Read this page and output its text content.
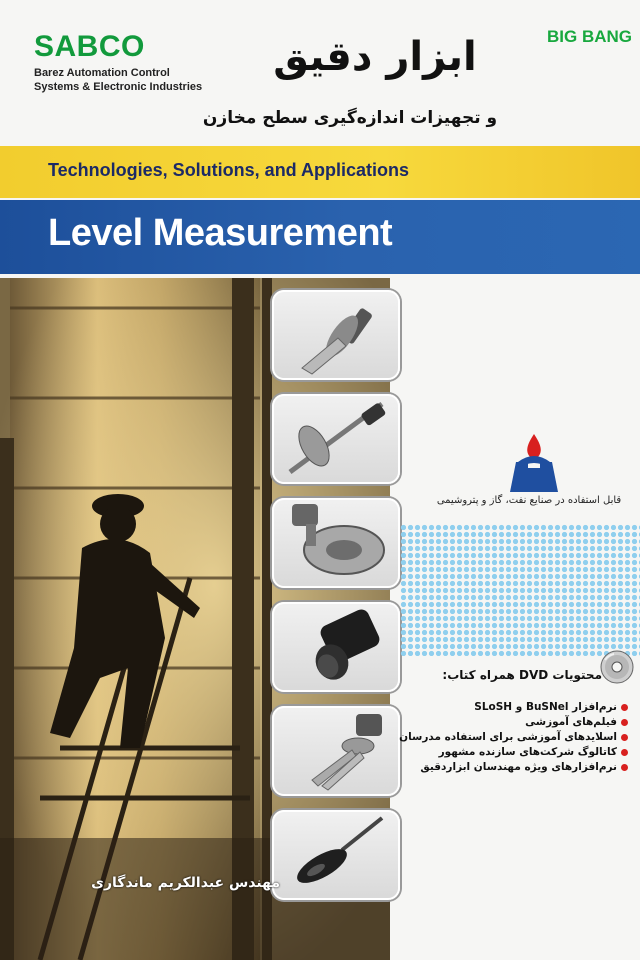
SABCO
Barez Automation Control
Systems & Electronic Industries
BIG BANG
ابزار دقیق
و تجهیزات اندازه‌گیری سطح مخازن
Technologies, Solutions, and Applications
Level Measurement
قابل استفاده در صنایع نفت، گاز و پتروشیمی
محتویات DVD همراه کتاب:
نرم‌افزار BuSNel و SLoSH
فیلم‌های آموزشی
اسلایدهای آموزشی برای استفاده مدرسان
کاتالوگ شرکت‌های سازنده مشهور
نرم‌افزارهای ویژه مهندسان ابزاردقیق
مهندس عبدالکریم ماندگاری
